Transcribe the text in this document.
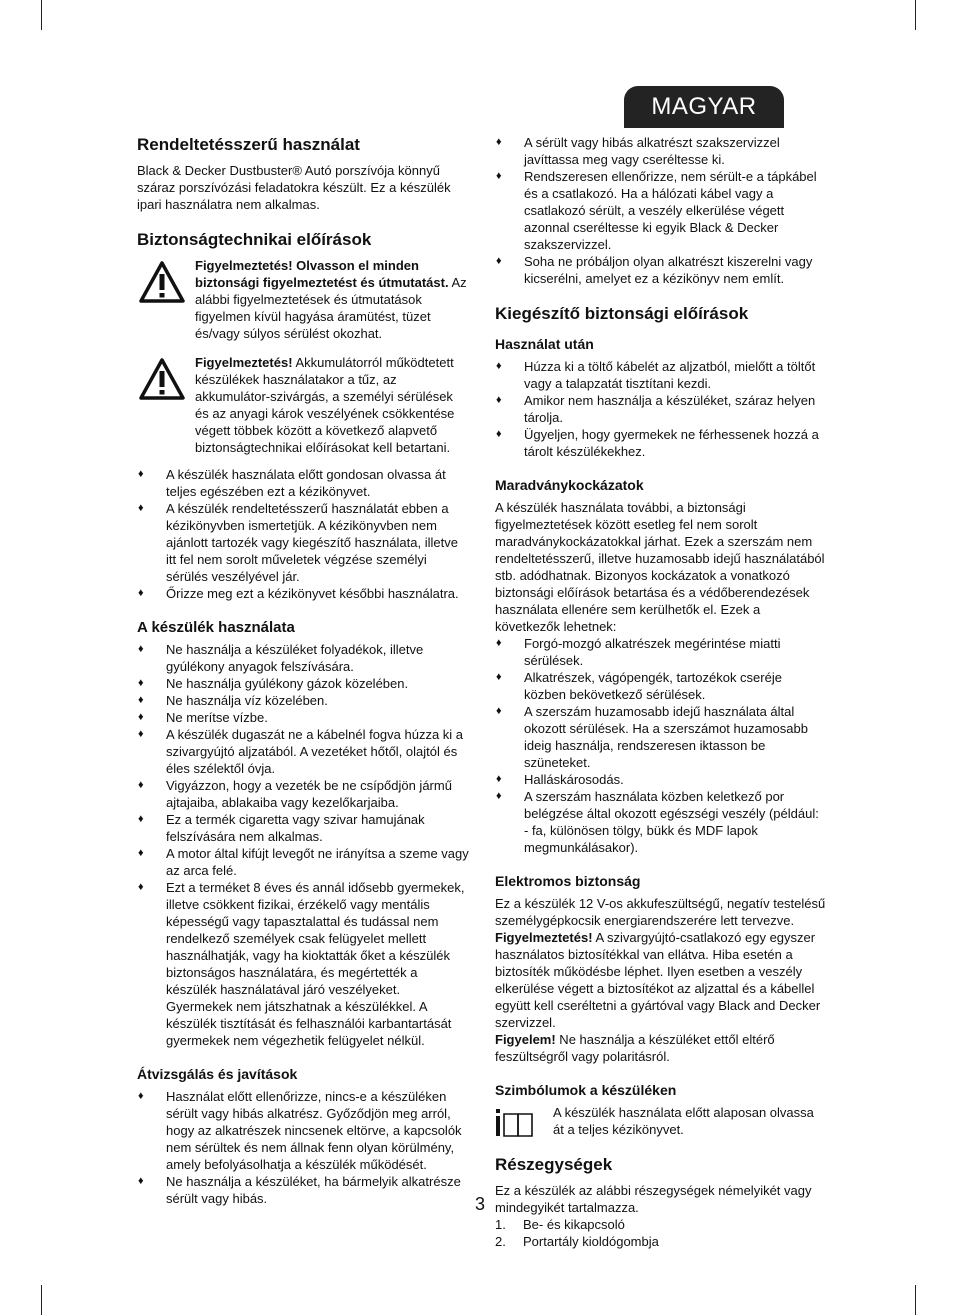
MAGYAR
Rendeltetésszerű használat

Black & Decker Dustbuster® Autó porszívója könnyű száraz porszívózási feladatokra készült. Ez a készülék ipari használatra nem alkalmas.

Biztonságtechnikai előírások

Figyelmeztetés! Olvasson el minden biztonsági figyelmeztetést és útmutatást. Az alábbi figyelmeztetések és útmutatások figyelmen kívül hagyása áramütést, tüzet és/vagy súlyos sérülést okozhat.

Figyelmeztetés! Akkumulátorról működtetett készülékek használatakor a tűz, az akkumulátor-szivárgás, a személyi sérülések és az anyagi károk veszélyének csökkentése végett többek között a következő alapvető biztonságtechnikai előírásokat kell betartani.

♦ A készülék használata előtt gondosan olvassa át teljes egészében ezt a kézikönyvet.
♦ A készülék rendeltetésszerű használatát ebben a kézikönyvben ismertetjük. A kézikönyvben nem ajánlott tartozék vagy kiegészítő használata, illetve itt fel nem sorolt műveletek végzése személyi sérülés veszélyével jár.
♦ Őrizze meg ezt a kézikönyvet későbbi használatra.
A készülék használata
♦ Ne használja a készüléket folyadékok, illetve gyúlékony anyagok felszívására.
♦ Ne használja gyúlékony gázok közelében.
♦ Ne használja víz közelében.
♦ Ne merítse vízbe.
♦ A készülék dugaszát ne a kábelnél fogva húzza ki a szivargyújtó aljzatából. A vezetéket hőtől, olajtól és éles szélektől óvja.
♦ Vigyázzon, hogy a vezeték be ne csípődjön jármű ajtajaiba, ablakaiba vagy kezelőkarjaiba.
♦ Ez a termék cigaretta vagy szivar hamujának felszívására nem alkalmas.
♦ A motor által kifújt levegőt ne irányítsa a szeme vagy az arca felé.
♦ Ezt a terméket 8 éves és annál idősebb gyermekek, illetve csökkent fizikai, érzékelő vagy mentális képességű vagy tapasztalattal és tudással nem rendelkező személyek csak felügyelet mellett használhatják, vagy ha kioktatták őket a készülék biztonságos használatára, és megértették a készülék használatával járó veszélyeket. Gyermekek nem játszhatnak a készülékkel. A készülék tisztítását és felhasználói karbantartását gyermekek nem végezhetik felügyelet nélkül.
Átvizsgálás és javítások
♦ Használat előtt ellenőrizze, nincs-e a készüléken sérült vagy hibás alkatrész. Győződjön meg arról, hogy az alkatrészek nincsenek eltörve, a kapcsolók nem sérültek és nem állnak fenn olyan körülmény, amely befolyásolhatja a készülék működését.
♦ Ne használja a készüléket, ha bármelyik alkatrésze sérült vagy hibás.
♦ A sérült vagy hibás alkatrészt szakszervizzel javíttassa meg vagy cseréltesse ki.
♦ Rendszeresen ellenőrizze, nem sérült-e a tápkábel és a csatlakozó. Ha a hálózati kábel vagy a csatlakozó sérült, a veszély elkerülése végett azonnal cseréltesse ki egyik Black & Decker szakszervizzel.
♦ Soha ne próbáljon olyan alkatrészt kiszerelni vagy kicserélni, amelyet ez a kézikönyv nem említ.
Kiegészítő biztonsági előírások
Használat után
♦ Húzza ki a töltő kábelét az aljzatból, mielőtt a töltőt vagy a talapzatát tisztítani kezdi.
♦ Amikor nem használja a készüléket, száraz helyen tárolja.
♦ Ügyeljen, hogy gyermekek ne férhessenek hozzá a tárolt készülékekhez.
Maradványkockázatok

A készülék használata további, a biztonsági figyelmeztetések között esetleg fel nem sorolt maradványkockázatokkal járhat. Ezek a szerszám nem rendeltetésszerű, illetve huzamosabb idejű használatából stb. adódhatnak. Bizonyos kockázatok a vonatkozó biztonsági előírások betartása és a védőberendezések használata ellenére sem kerülhetők el. Ezek a következők lehetnek:

♦ Forgó-mozgó alkatrészek megérintése miatti sérülések.
♦ Alkatrészek, vágópengék, tartozékok cseréje közben bekövetkező sérülések.
♦ A szerszám huzamosabb idejű használata által okozott sérülések. Ha a szerszámot huzamosabb ideig használja, rendszeresen iktasson be szüneteket.
♦ Halláskárosodás.
♦ A szerszám használata közben keletkező por belégzése által okozott egészségi veszély (például: - fa, különösen tölgy, bükk és MDF lapok megmunkálásakor).
Elektromos biztonság

Ez a készülék 12 V-os akkufeszültségű, negatív testelésű személygépkocsik energiarendszerére lett tervezve.
Figyelmeztetés! A szivargyújtó-csatlakozó egy egyszer használatos biztosítékkal van ellátva. Hiba esetén a biztosíték működésbe léphet. Ilyen esetben a veszély elkerülése végett a biztosítékot az aljzattal és a kábellel együtt kell cseréltetni a gyártóval vagy Black and Decker szervizzel.
Figyelem! Ne használja a készüléket ettől eltérő feszültségről vagy polaritásról.

Szimbólumok a készüléken

A készülék használata előtt alaposan olvassa át a teljes kézikönyvet.

Részegységek

Ez a készülék az alábbi részegységek némelyikét vagy mindegyikét tartalmazza.

1.	Be- és kikapcsoló
2.	Portartály kioldógombja
3
